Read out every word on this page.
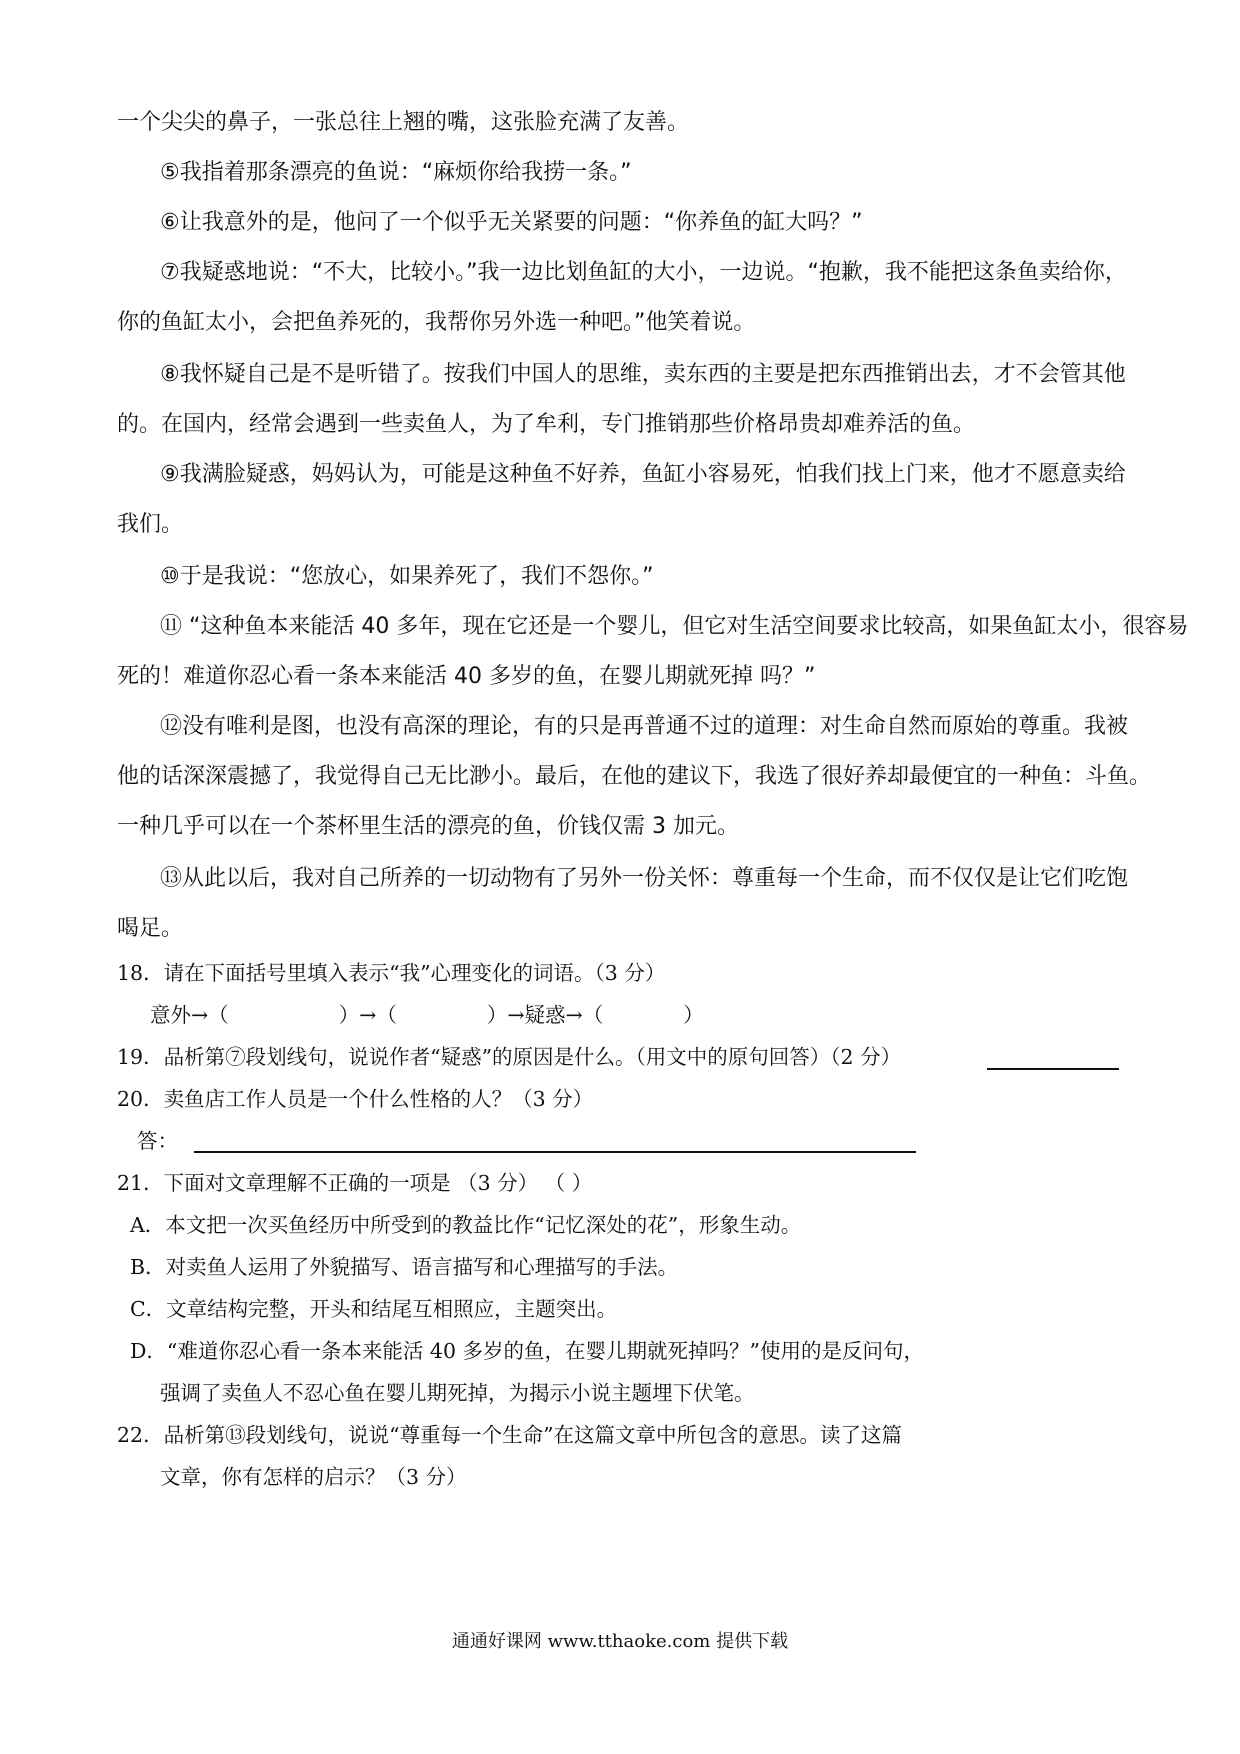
一个尖尖的鼻子，一张总往上翘的嘴，这张脸充满了友善。
⑤我指着那条漂亮的鱼说：“麻烦你给我捞一条。”
⑥让我意外的是，他问了一个似乎无关紧要的问题：“你养鱼的缸大吗？”
⑦我疑惑地说：“不大，比较小。”我一边比划鱼缸的大小，一边说。“抱歉，我不能把这条鱼卖给你，
你的鱼缸太小，会把鱼养死的，我帮你另外选一种吧。”他笑着说。
⑧我怀疑自己是不是听错了。按我们中国人的思维，卖东西的主要是把东西推销出去，才不会管其他
的。在国内，经常会遇到一些卖鱼人，为了牟利，专门推销那些价格昂贵却难养活的鱼。
⑨我满脸疑惑，妈妈认为，可能是这种鱼不好养，鱼缸小容易死，怕我们找上门来，他才不愿意卖给
我们。
⑩于是我说：“您放心，如果养死了，我们不怨你。”
⑪ “这种鱼本来能活 40 多年，现在它还是一个婴儿，但它对生活空间要求比较高，如果鱼缸太小，很容易
死的！难道你忍心看一条本来能活 40 多岁的鱼，在婴儿期就死掉 吗？”
⑫没有唯利是图，也没有高深的理论，有的只是再普通不过的道理：对生命自然而原始的尊重。我被
他的话深深震撼了，我觉得自己无比渺小。最后，在他的建议下，我选了很好养却最便宜的一种鱼：斗鱼。
一种几乎可以在一个茶杯里生活的漂亮的鱼，价钱仅需 3 加元。
⑬从此以后，我对自己所养的一切动物有了另外一份关怀：尊重每一个生命，而不仅仅是让它们吃饱
喝足。
18．请在下面括号里填入表示“我”心理变化的词语。（3 分）
意外→（	）→（	）→疑惑→（	）
19．品析第⑦段划线句，说说作者“疑惑”的原因是什么。（用文中的原句回答）（2 分）
20．卖鱼店工作人员是一个什么性格的人？（3 分）
答：
21．下面对文章理解不正确的一项是 （3 分） （ ）
A．本文把一次买鱼经历中所受到的教益比作“记忆深处的花”，形象生动。
B．对卖鱼人运用了外貌描写、语言描写和心理描写的手法。
C．文章结构完整，开头和结尾互相照应，主题突出。
D．“难道你忍心看一条本来能活 40 多岁的鱼，在婴儿期就死掉吗？”使用的是反问句，
强调了卖鱼人不忍心鱼在婴儿期死掉，为揭示小说主题埋下伏笔。
22．品析第⑬段划线句，说说“尊重每一个生命”在这篇文章中所包含的意思。读了这篇
文章，你有怎样的启示？（3 分）
通通好课网 www.tthaoke.com 提供下载
